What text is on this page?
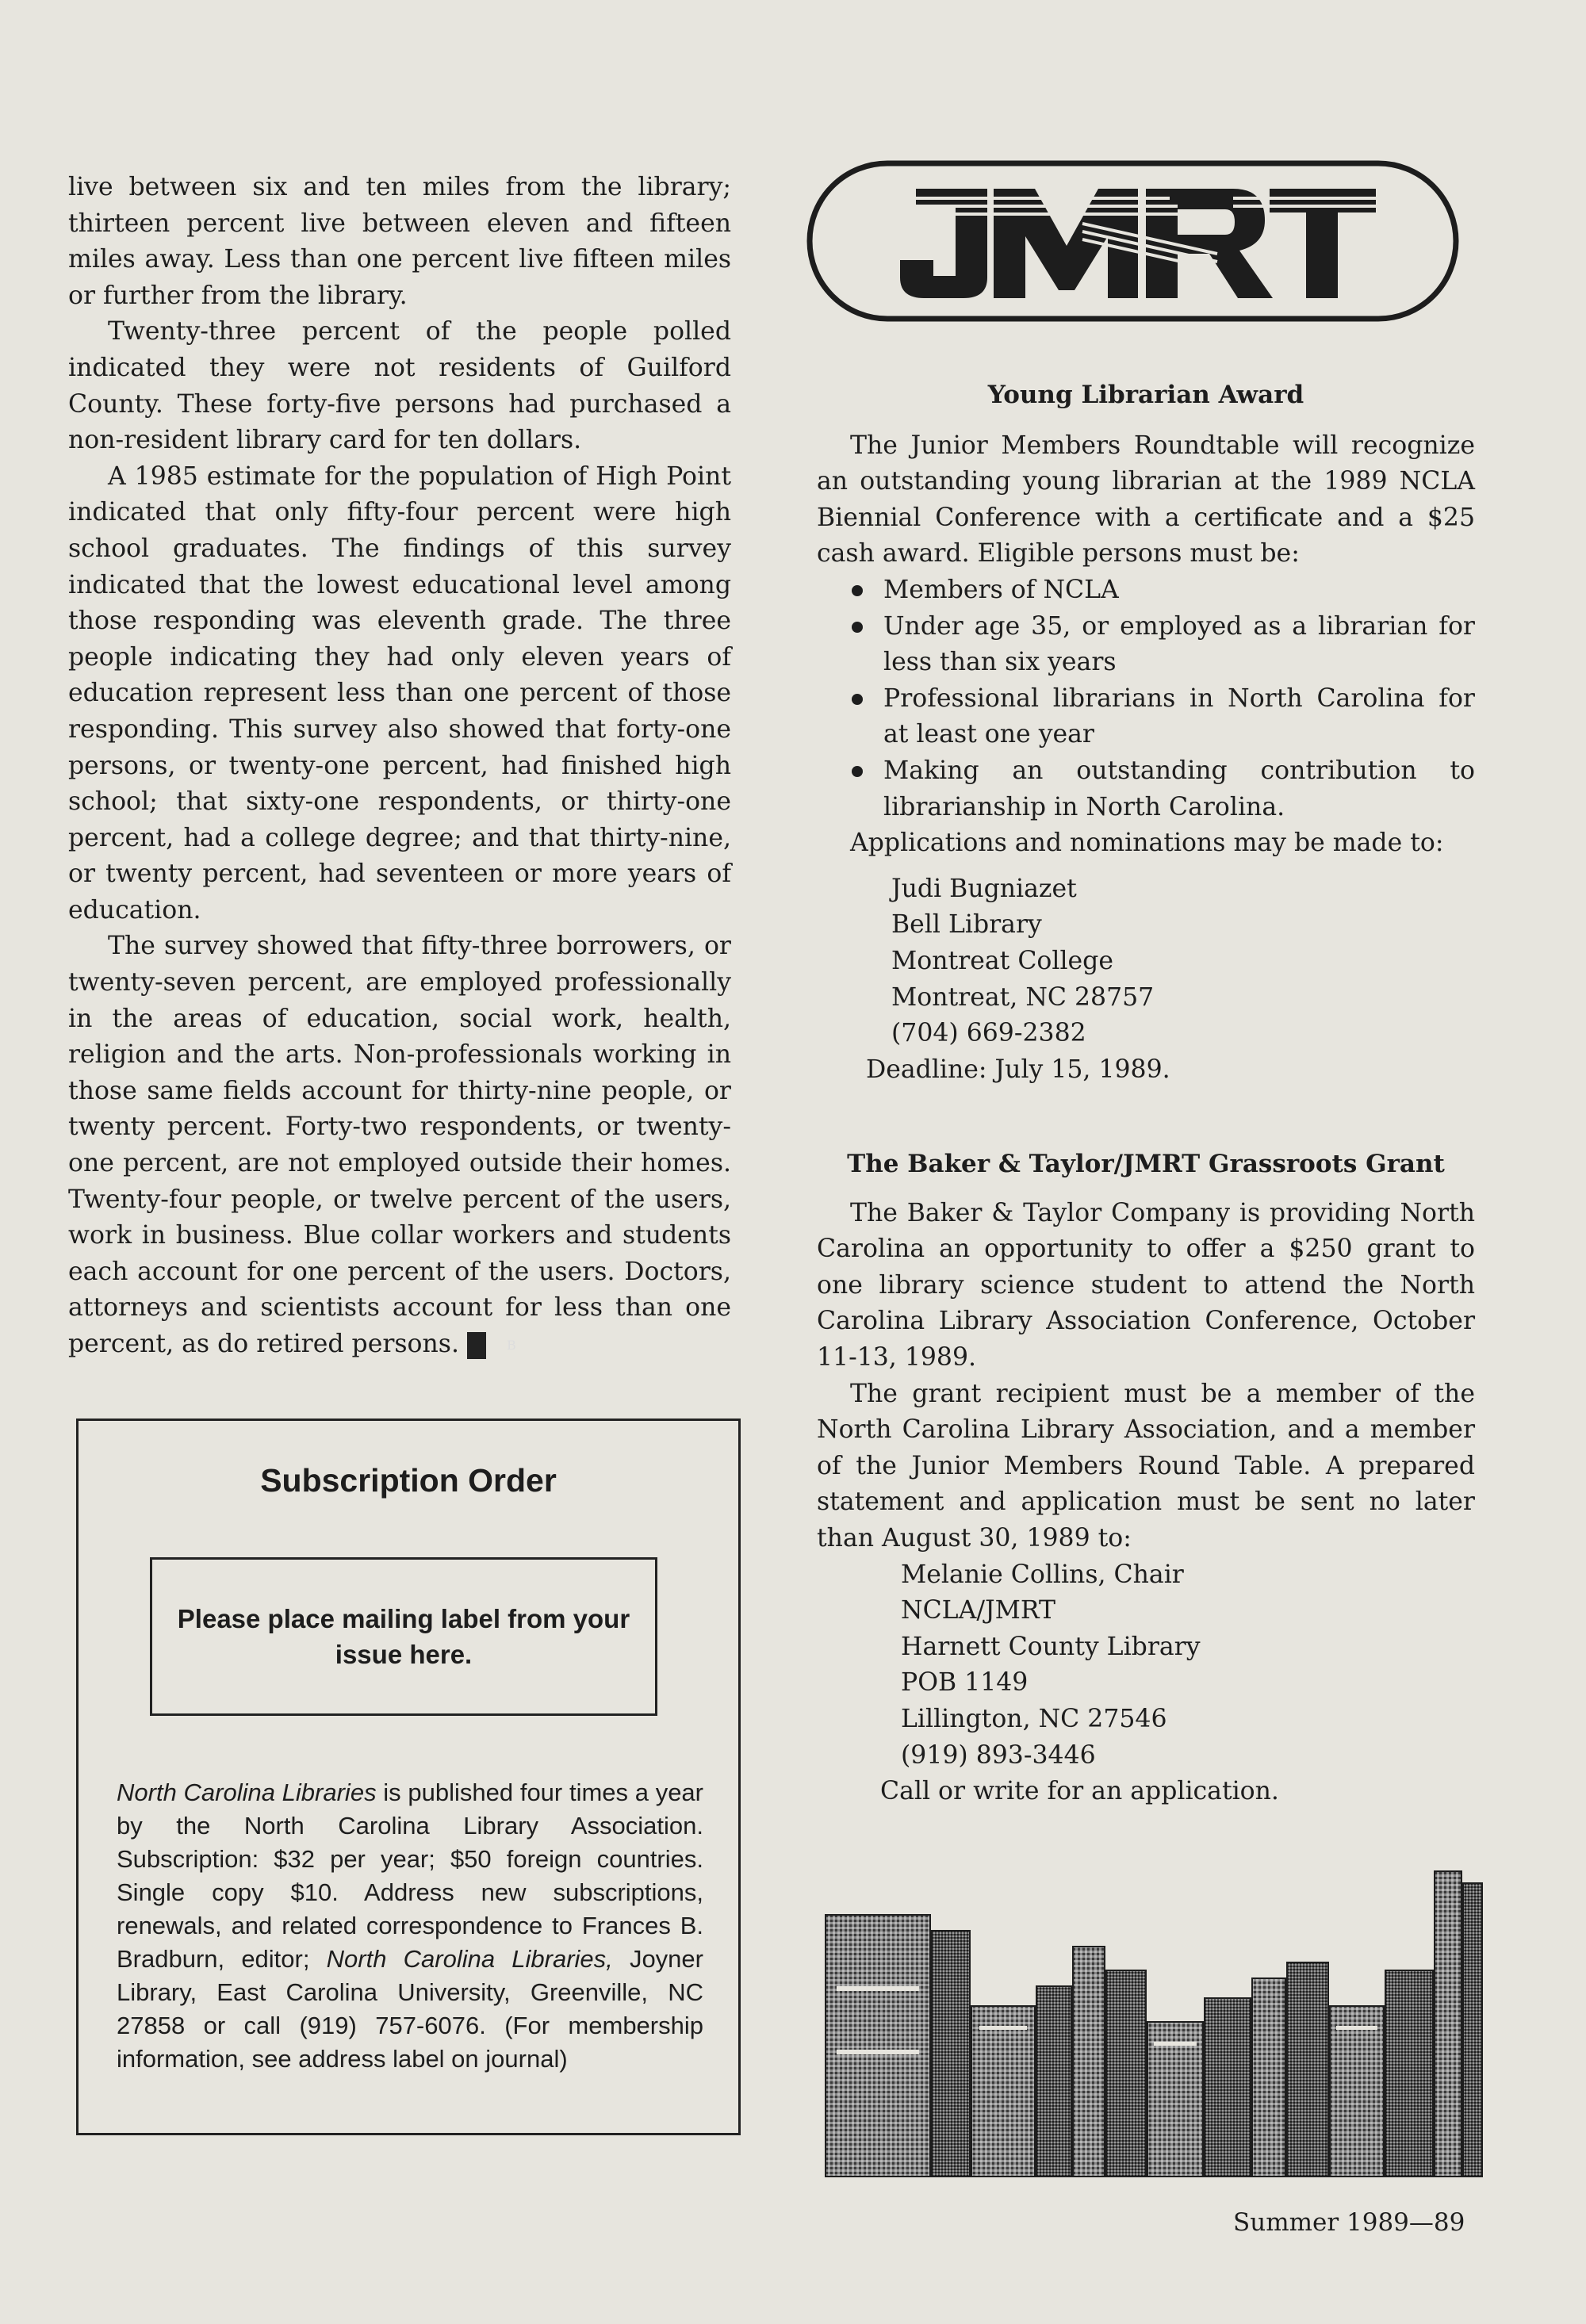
live between six and ten miles from the library; thirteen percent live between eleven and fifteen miles away. Less than one percent live fifteen miles or further from the library.

Twenty-three percent of the people polled indicated they were not residents of Guilford County. These forty-five persons had purchased a non-resident library card for ten dollars.

A 1985 estimate for the population of High Point indicated that only fifty-four percent were high school graduates. The findings of this survey indicated that the lowest educational level among those responding was eleventh grade. The three people indicating they had only eleven years of education represent less than one percent of those responding. This survey also showed that forty-one persons, or twenty-one percent, had finished high school; that sixty-one respondents, or thirty-one percent, had a college degree; and that thirty-nine, or twenty percent, had seventeen or more years of education.

The survey showed that fifty-three borrowers, or twenty-seven percent, are employed professionally in the areas of education, social work, health, religion and the arts. Non-professionals working in those same fields account for thirty-nine people, or twenty percent. Forty-two respondents, or twenty-one percent, are not employed outside their homes. Twenty-four people, or twelve percent of the users, work in business. Blue collar workers and students each account for one percent of the users. Doctors, attorneys and scientists account for less than one percent, as do retired persons.	B

Subscription Order
Please place mailing label from your issue here.
North Carolina Libraries is published four times a year by the North Carolina Library Association. Subscription: $32 per year; $50 foreign countries. Single copy $10. Address new subscriptions, renewals, and related correspondence to Frances B. Bradburn, editor; North Carolina Libraries, Joyner Library, East Carolina University, Greenville, NC 27858 or call (919) 757-6076. (For membership information, see address label on journal)

Young Librarian Award

The Junior Members Roundtable will recognize an outstanding young librarian at the 1989 NCLA Biennial Conference with a certificate and a $25 cash award. Eligible persons must be:

Members of NCLA
Under age 35, or employed as a librarian for less than six years
Professional librarians in North Carolina for at least one year
Making an outstanding contribution to librarianship in North Carolina.

Applications and nominations may be made to:

Judi Bugniazet

Bell Library

Montreat College

Montreat, NC 28757

(704) 669-2382

Deadline: July 15, 1989.

The Baker & Taylor/JMRT Grassroots Grant

The Baker & Taylor Company is providing North Carolina an opportunity to offer a $250 grant to one library science student to attend the North Carolina Library Association Conference, October 11-13, 1989.

The grant recipient must be a member of the North Carolina Library Association, and a member of the Junior Members Round Table. A prepared statement and application must be sent no later than August 30, 1989 to:

Melanie Collins, Chair

NCLA/JMRT

Harnett County Library

POB 1149

Lillington, NC 27546

(919) 893-3446

Call or write for an application.

Summer 1989—89
